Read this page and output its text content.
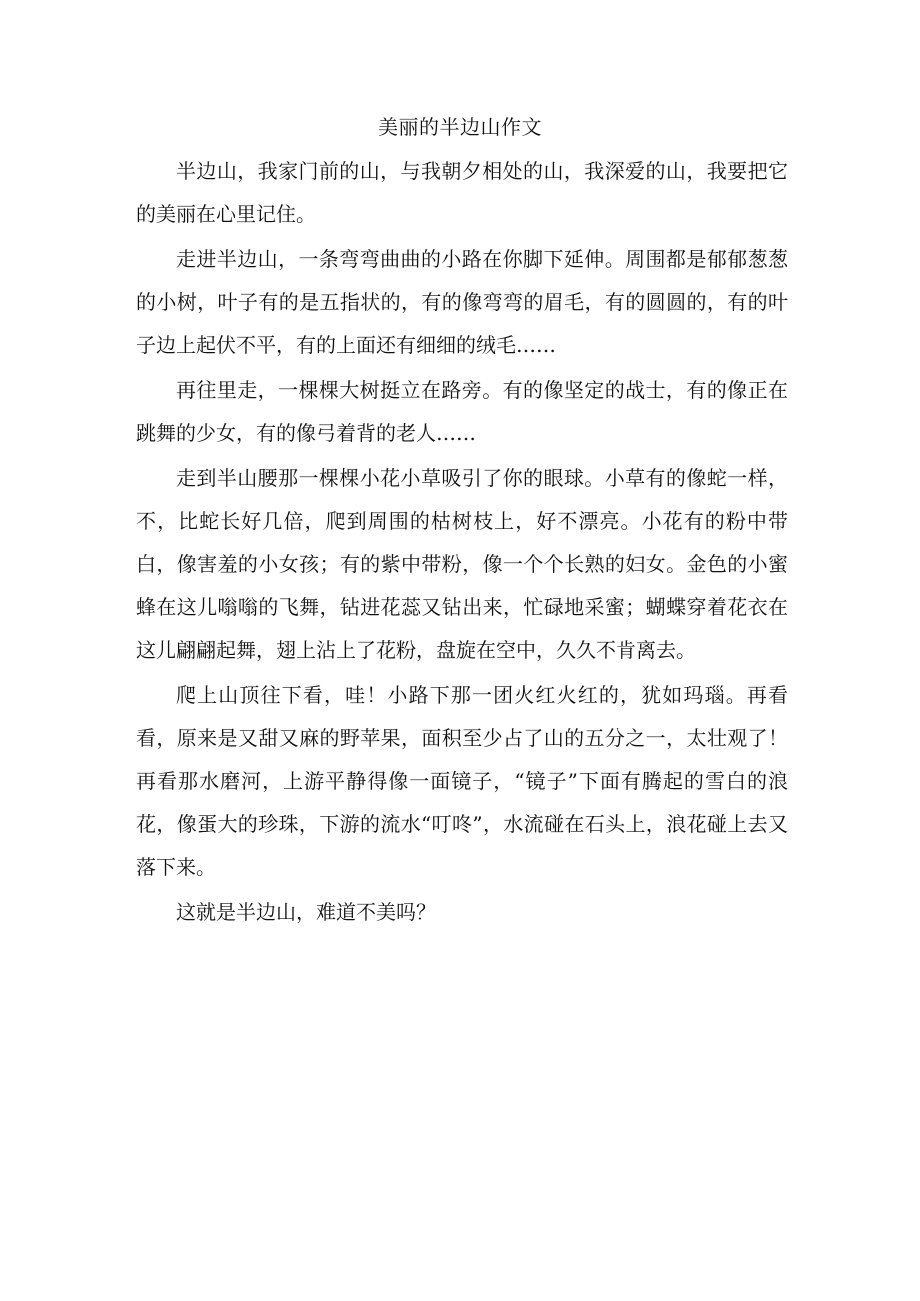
美丽的半边山作文

半边山，我家门前的山，与我朝夕相处的山，我深爱的山，我要把它的美丽在心里记住。

走进半边山，一条弯弯曲曲的小路在你脚下延伸。周围都是郁郁葱葱的小树，叶子有的是五指状的，有的像弯弯的眉毛，有的圆圆的，有的叶子边上起伏不平，有的上面还有细细的绒毛……

再往里走，一棵棵大树挺立在路旁。有的像坚定的战士，有的像正在跳舞的少女，有的像弓着背的老人……

走到半山腰那一棵棵小花小草吸引了你的眼球。小草有的像蛇一样，不，比蛇长好几倍，爬到周围的枯树枝上，好不漂亮。小花有的粉中带白，像害羞的小女孩；有的紫中带粉，像一个个长熟的妇女。金色的小蜜蜂在这儿嗡嗡的飞舞，钻进花蕊又钻出来，忙碌地采蜜；蝴蝶穿着花衣在这儿翩翩起舞，翅上沾上了花粉，盘旋在空中，久久不肯离去。

爬上山顶往下看，哇！小路下那一团火红火红的，犹如玛瑙。再看看，原来是又甜又麻的野苹果，面积至少占了山的五分之一，太壮观了！再看那水磨河，上游平静得像一面镜子，“镜子”下面有腾起的雪白的浪花，像蛋大的珍珠，下游的流水“叮咚”，水流碰在石头上，浪花碰上去又落下来。

这就是半边山，难道不美吗？
